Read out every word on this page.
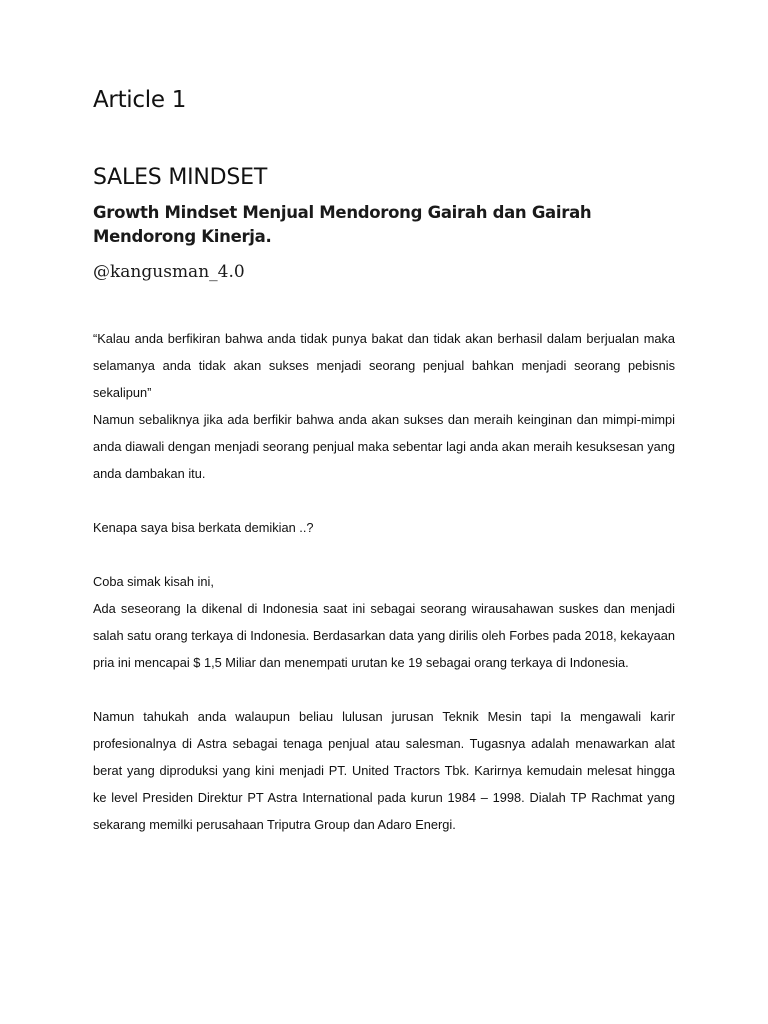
Article 1
SALES MINDSET
Growth Mindset Menjual Mendorong Gairah dan Gairah Mendorong Kinerja.
@kangusman_4.0

“Kalau anda berfikiran bahwa anda tidak punya bakat dan tidak akan berhasil dalam berjualan maka selamanya anda tidak akan sukses menjadi seorang penjual bahkan menjadi seorang pebisnis sekalipun”

Namun sebaliknya jika ada berfikir bahwa anda akan sukses dan meraih keinginan dan mimpi-mimpi anda diawali dengan menjadi seorang penjual maka sebentar lagi anda akan meraih kesuksesan yang anda dambakan itu.

Kenapa saya bisa berkata demikian ..?

Coba simak kisah ini,

Ada seseorang Ia dikenal di Indonesia saat ini sebagai seorang wirausahawan suskes dan menjadi salah satu orang terkaya di Indonesia. Berdasarkan data yang dirilis oleh Forbes pada 2018, kekayaan pria ini mencapai $ 1,5 Miliar dan menempati urutan ke 19 sebagai orang terkaya di Indonesia.

Namun tahukah anda walaupun beliau lulusan jurusan Teknik Mesin tapi Ia mengawali karir profesionalnya di Astra sebagai tenaga penjual atau salesman. Tugasnya adalah menawarkan alat berat yang diproduksi yang kini menjadi PT. United Tractors Tbk. Karirnya kemudain melesat hingga ke level Presiden Direktur PT Astra International pada kurun 1984 – 1998. Dialah TP Rachmat yang sekarang memilki perusahaan Triputra Group dan Adaro Energi.
